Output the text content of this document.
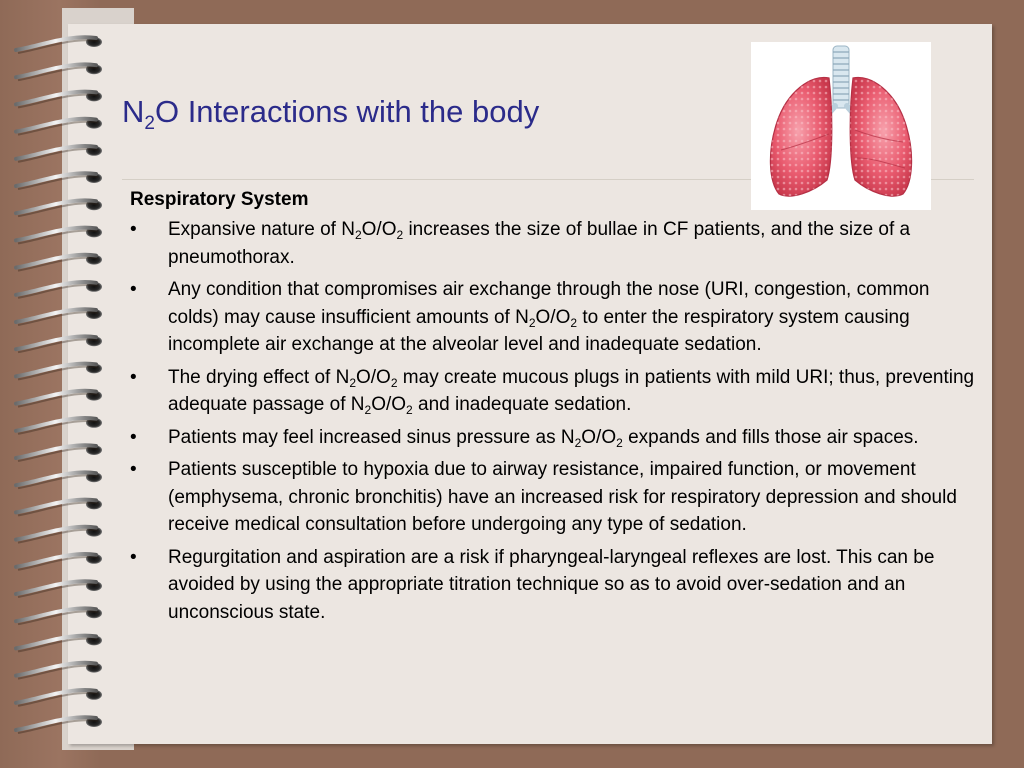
$N_2O$ Interactions with the body

Respiratory System

• Expansive nature of $N_2O/O_2$ increases the size of bullae in CF patients, and the size of a pneumothorax.
• Any condition that compromises air exchange through the nose (URI, congestion, common colds) may cause insufficient amounts of $N_2O/O_2$ to enter the respiratory system causing incomplete air exchange at the alveolar level and inadequate sedation.
• The drying effect of $N_2O/O_2$ may create mucous plugs in patients with mild URI; thus, preventing adequate passage of $N_2O/O_2$ and inadequate sedation.
• Patients may feel increased sinus pressure as $N_2O/O_2$ expands and fills those air spaces.
• Patients susceptible to hypoxia due to airway resistance, impaired function, or movement (emphysema, chronic bronchitis) have an increased risk for respiratory depression and should receive medical consultation before undergoing any type of sedation.
• Regurgitation and aspiration are a risk if pharyngeal-laryngeal reflexes are lost. This can be avoided by using the appropriate titration technique so as to avoid over-sedation and an unconscious state.
